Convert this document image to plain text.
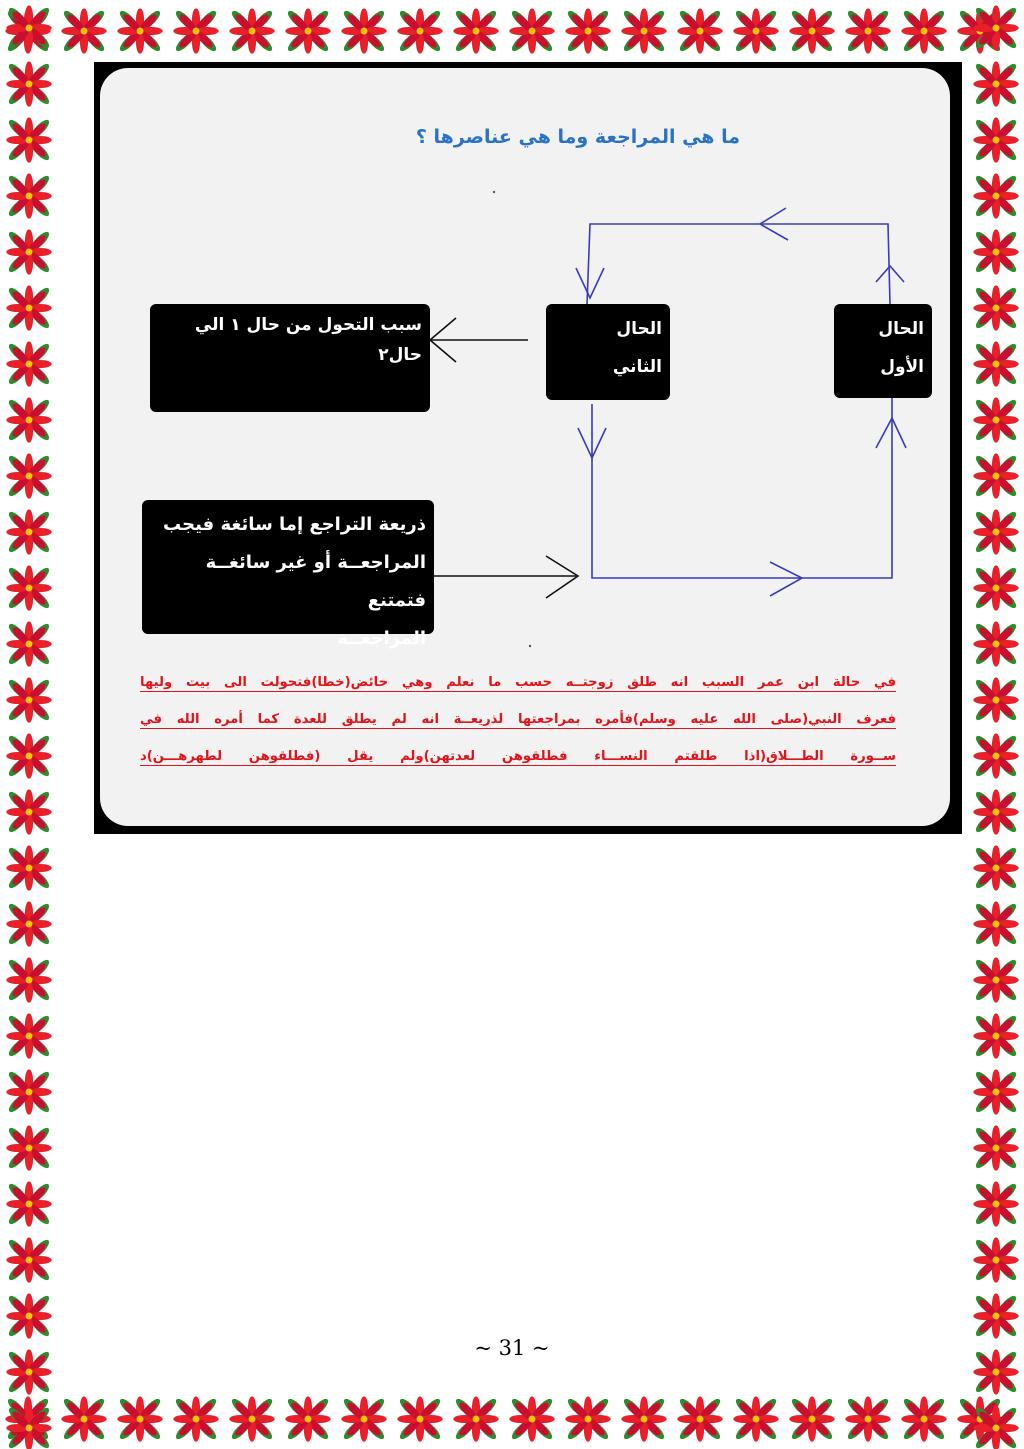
ما هي المراجعة وما هي عناصرها ؟
الحال
الأول
الحال
الثاني
سبب التحول من حال ١ الي حال٢
ذريعة التراجع إما سائغة فيجب
المراجعــة أو غير سائغــة فتمتنع
المراجعــة
في حالة ابن عمر السبب انه طلق زوجتــه حسب ما نعلم وهي حائض(خطا)فتحولت الى بيت وليها
فعرف النبي(صلى الله عليه وسلم)فأمره بمراجعتها لذريعــة انه لم يطلق للعدة كما أمره الله في
ســورة الطـــلاق(اذا طلقتم النســـاء فطلقوهن لعدتهن)ولم يقل (فطلقوهن لطهرهـــن)د
~ 31 ~
